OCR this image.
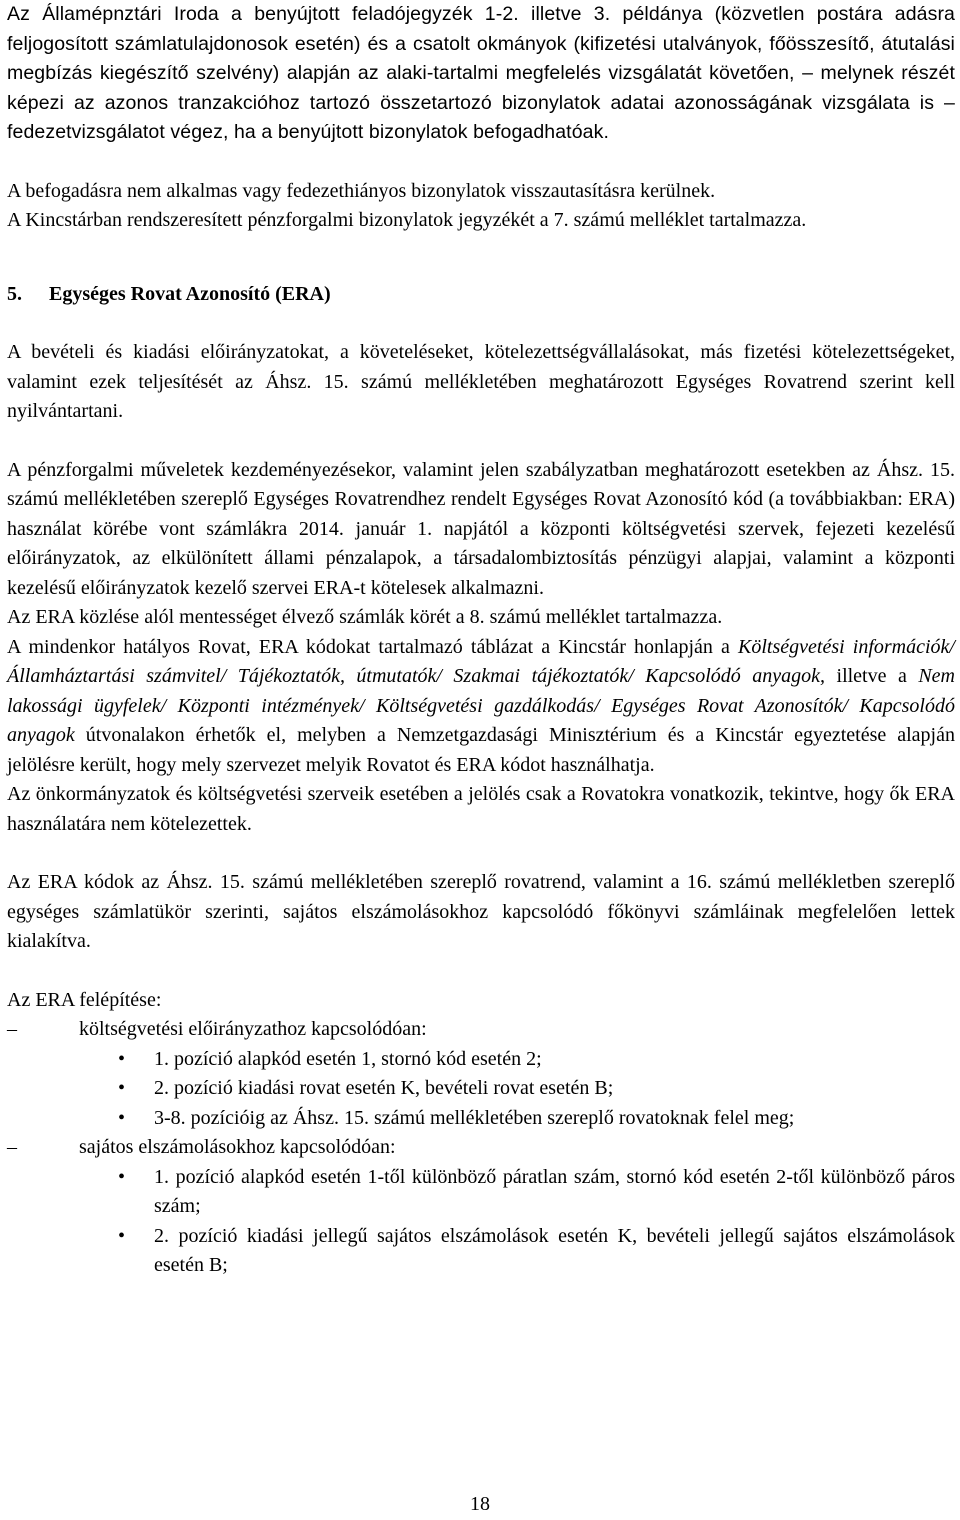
Az Államépnztári Iroda a benyújtott feladójegyzék 1-2. illetve 3. példánya (közvetlen postára adásra feljogosított számlatulajdonosok esetén) és a csatolt okmányok (kifizetési utalványok, főösszesítő, átutalási megbízás kiegészítő szelvény) alapján az alaki-tartalmi megfelelés vizsgálatát követően, – melynek részét képezi az azonos tranzakcióhoz tartozó összetartozó bizonylatok adatai azonosságának vizsgálata is – fedezetvizsgálatot végez, ha a benyújtott bizonylatok befogadhatóak.

A befogadásra nem alkalmas vagy fedezethiányos bizonylatok visszautasításra kerülnek.

A Kincstárban rendszeresített pénzforgalmi bizonylatok jegyzékét a 7. számú melléklet tartalmazza.

5. Egységes Rovat Azonosító (ERA)

A bevételi és kiadási előirányzatokat, a követeléseket, kötelezettségvállalásokat, más fizetési kötelezettségeket, valamint ezek teljesítését az Áhsz. 15. számú mellékletében meghatározott Egységes Rovatrend szerint kell nyilvántartani.

A pénzforgalmi műveletek kezdeményezésekor, valamint jelen szabályzatban meghatározott esetekben az Áhsz. 15. számú mellékletében szereplő Egységes Rovatrendhez rendelt Egységes Rovat Azonosító kód (a továbbiakban: ERA) használat körébe vont számlákra 2014. január 1. napjától a központi költségvetési szervek, fejezeti kezelésű előirányzatok, az elkülönített állami pénzalapok, a társadalombiztosítás pénzügyi alapjai, valamint a központi kezelésű előirányzatok kezelő szervei ERA-t kötelesek alkalmazni.

Az ERA közlése alól mentességet élvező számlák körét a 8. számú melléklet tartalmazza.

A mindenkor hatályos Rovat, ERA kódokat tartalmazó táblázat a Kincstár honlapján a Költségvetési információk/ Államháztartási számvitel/ Tájékoztatók, útmutatók/ Szakmai tájékoztatók/ Kapcsolódó anyagok, illetve a Nem lakossági ügyfelek/ Központi intézmények/ Költségvetési gazdálkodás/ Egységes Rovat Azonosítók/ Kapcsolódó anyagok útvonalakon érhetők el, melyben a Nemzetgazdasági Minisztérium és a Kincstár egyeztetése alapján jelölésre került, hogy mely szervezet melyik Rovatot és ERA kódot használhatja.

Az önkormányzatok és költségvetési szerveik esetében a jelölés csak a Rovatokra vonatkozik, tekintve, hogy ők ERA használatára nem kötelezettek.

Az ERA kódok az Áhsz. 15. számú mellékletében szereplő rovatrend, valamint a 16. számú mellékletben szereplő egységes számlatükör szerinti, sajátos elszámolásokhoz kapcsolódó főkönyvi számláinak megfelelően lettek kialakítva.

Az ERA felépítése:

–	költségvetési előirányzathoz kapcsolódóan:
• 1. pozíció alapkód esetén 1, stornó kód esetén 2;
• 2. pozíció kiadási rovat esetén K, bevételi rovat esetén B;
• 3-8. pozícióig az Áhsz. 15. számú mellékletében szereplő rovatoknak felel meg;
–	sajátos elszámolásokhoz kapcsolódóan:
• 1. pozíció alapkód esetén 1-től különböző páratlan szám, stornó kód esetén 2-től különböző páros szám;
• 2. pozíció kiadási jellegű sajátos elszámolások esetén K, bevételi jellegű sajátos elszámolások esetén B;
18
